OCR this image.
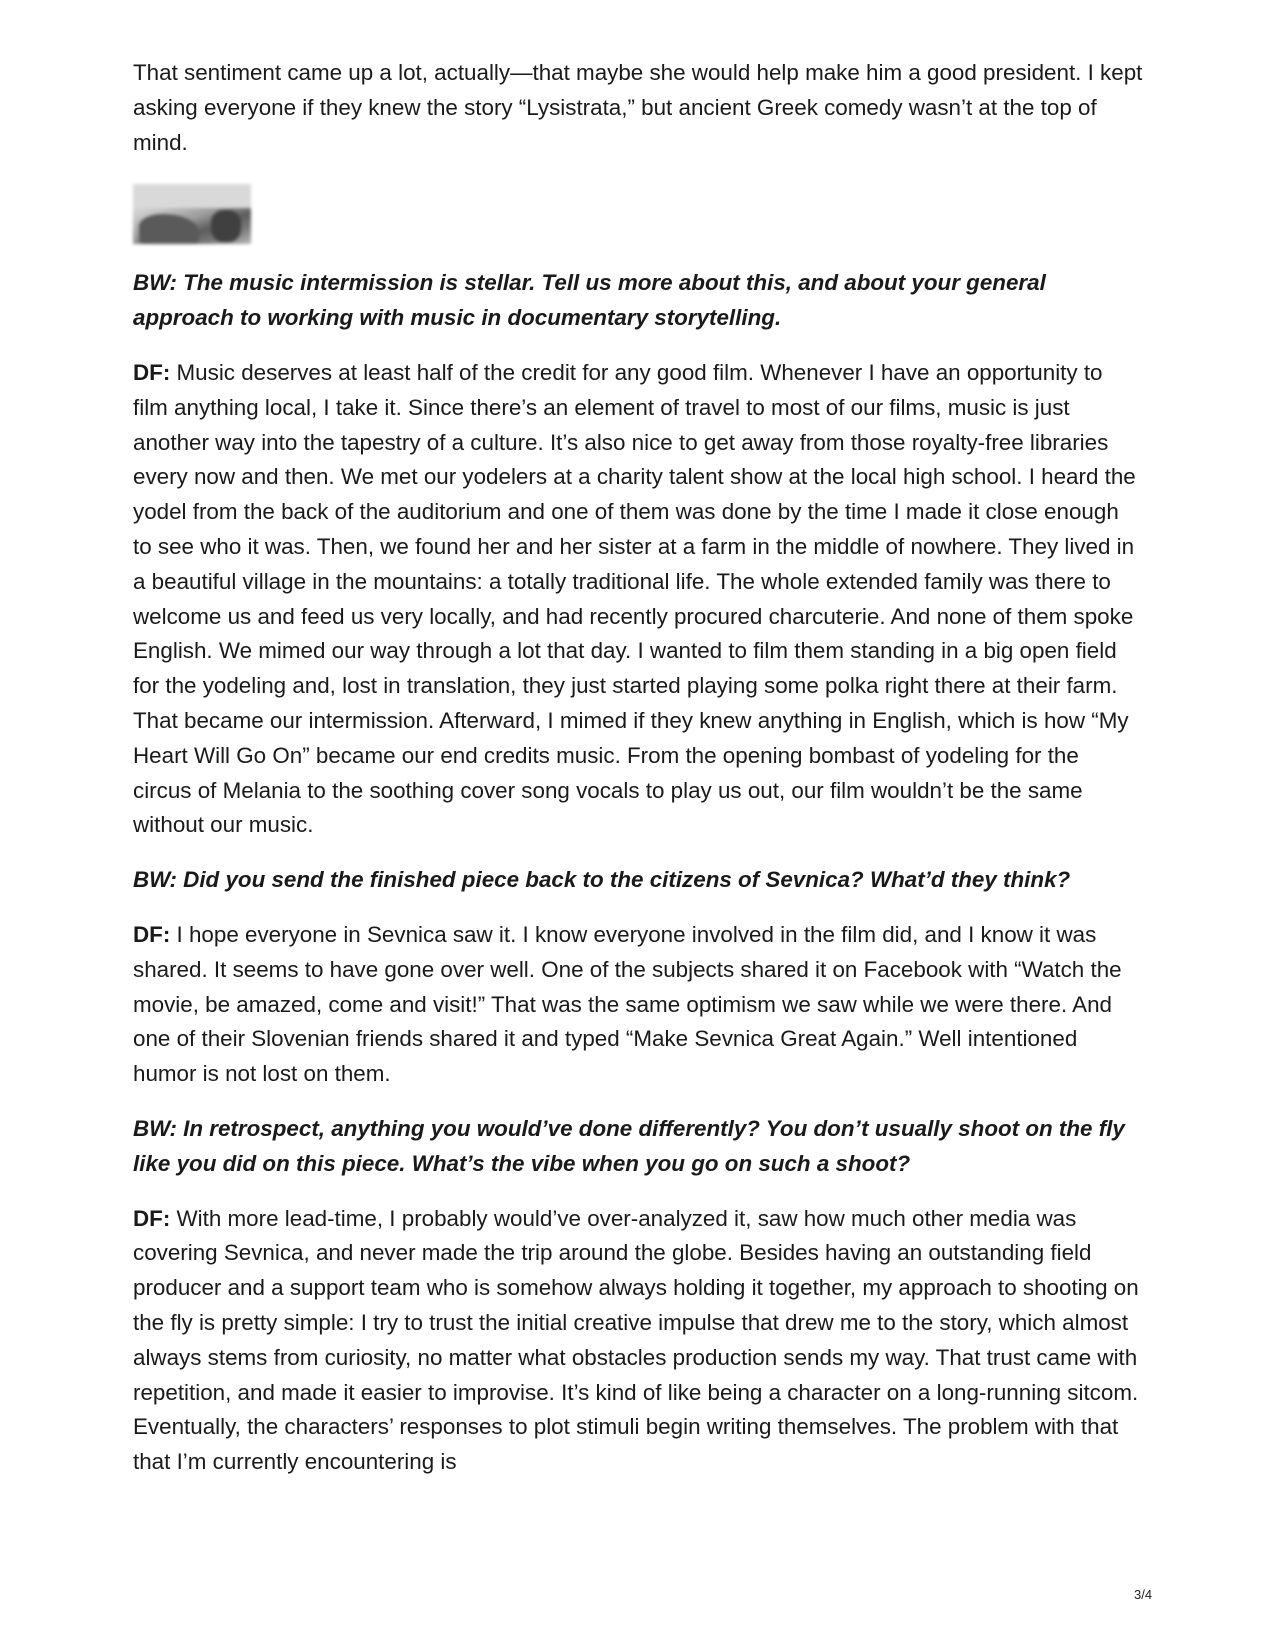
That sentiment came up a lot, actually—that maybe she would help make him a good president. I kept asking everyone if they knew the story “Lysistrata,” but ancient Greek comedy wasn’t at the top of mind.

BW: The music intermission is stellar. Tell us more about this, and about your general approach to working with music in documentary storytelling.

DF: Music deserves at least half of the credit for any good film. Whenever I have an opportunity to film anything local, I take it. Since there’s an element of travel to most of our films, music is just another way into the tapestry of a culture. It’s also nice to get away from those royalty-free libraries every now and then. We met our yodelers at a charity talent show at the local high school. I heard the yodel from the back of the auditorium and one of them was done by the time I made it close enough to see who it was. Then, we found her and her sister at a farm in the middle of nowhere. They lived in a beautiful village in the mountains: a totally traditional life. The whole extended family was there to welcome us and feed us very locally, and had recently procured charcuterie. And none of them spoke English. We mimed our way through a lot that day. I wanted to film them standing in a big open field for the yodeling and, lost in translation, they just started playing some polka right there at their farm. That became our intermission. Afterward, I mimed if they knew anything in English, which is how “My Heart Will Go On” became our end credits music. From the opening bombast of yodeling for the circus of Melania to the soothing cover song vocals to play us out, our film wouldn’t be the same without our music.

BW: Did you send the finished piece back to the citizens of Sevnica? What’d they think?

DF: I hope everyone in Sevnica saw it. I know everyone involved in the film did, and I know it was shared. It seems to have gone over well. One of the subjects shared it on Facebook with “Watch the movie, be amazed, come and visit!” That was the same optimism we saw while we were there. And one of their Slovenian friends shared it and typed “Make Sevnica Great Again.” Well intentioned humor is not lost on them.

BW: In retrospect, anything you would’ve done differently? You don’t usually shoot on the fly like you did on this piece. What’s the vibe when you go on such a shoot?

DF: With more lead-time, I probably would’ve over-analyzed it, saw how much other media was covering Sevnica, and never made the trip around the globe. Besides having an outstanding field producer and a support team who is somehow always holding it together, my approach to shooting on the fly is pretty simple: I try to trust the initial creative impulse that drew me to the story, which almost always stems from curiosity, no matter what obstacles production sends my way. That trust came with repetition, and made it easier to improvise. It’s kind of like being a character on a long-running sitcom. Eventually, the characters’ responses to plot stimuli begin writing themselves. The problem with that that I’m currently encountering is

3/4
